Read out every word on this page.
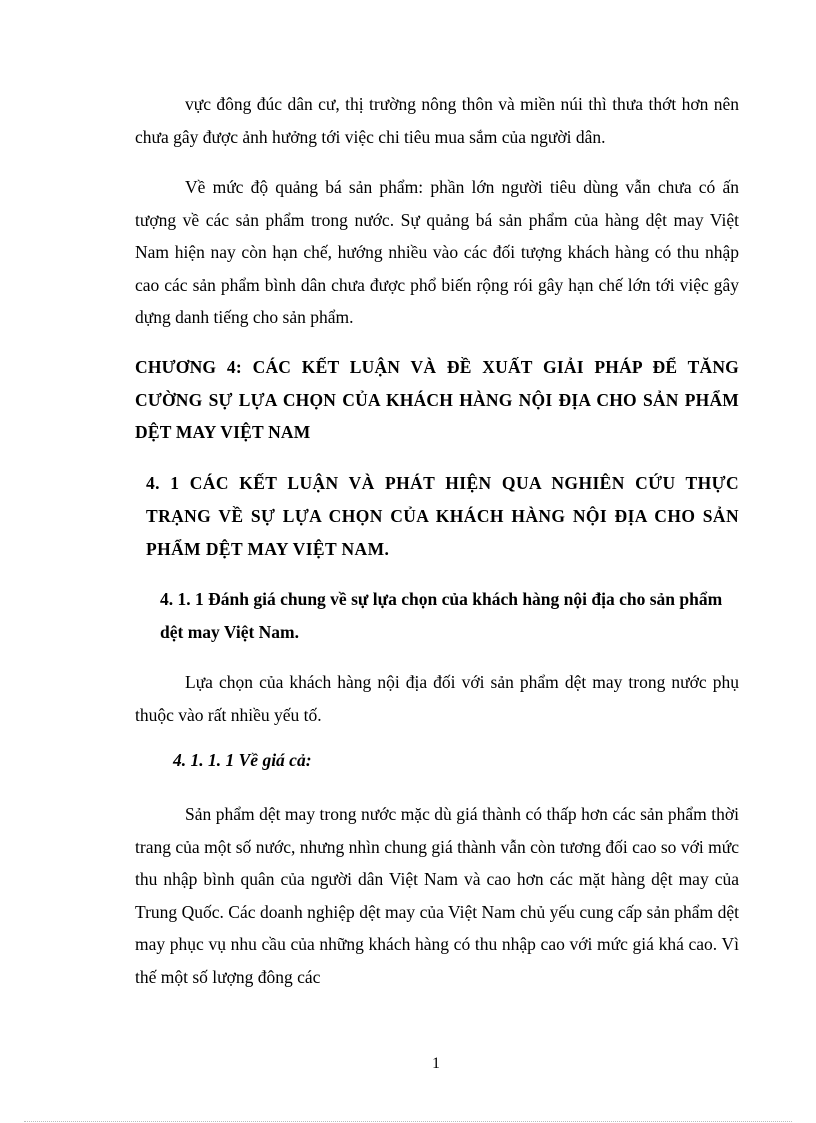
vực đông đúc dân cư, thị trường nông thôn và miền núi thì thưa thớt hơn nên chưa gây được ảnh hưởng tới việc chi tiêu mua sắm của người dân.

Về mức độ quảng bá sản phẩm: phần lớn người tiêu dùng vẫn chưa có ấn tượng về các sản phẩm trong nước. Sự quảng bá sản phẩm của hàng dệt may Việt Nam hiện nay còn hạn chế, hướng nhiều vào các đối tượng khách hàng có thu nhập cao các sản phẩm bình dân chưa được phổ biến rộng rói gây hạn chế lớn tới việc gây dựng danh tiếng cho sản phẩm.

CHƯƠNG 4: CÁC KẾT LUẬN VÀ ĐỀ XUẤT GIẢI PHÁP ĐỂ TĂNG CƯỜNG SỰ LỰA CHỌN CỦA KHÁCH HÀNG NỘI ĐỊA CHO SẢN PHẨM DỆT MAY VIỆT NAM
4. 1 CÁC KẾT LUẬN VÀ PHÁT HIỆN QUA NGHIÊN CỨU THỰC TRẠNG VỀ SỰ LỰA CHỌN CỦA KHÁCH HÀNG NỘI ĐỊA CHO SẢN PHẨM DỆT MAY VIỆT NAM.
4. 1. 1 Đánh giá chung về sự lựa chọn của khách hàng nội địa cho sản phẩm dệt may Việt Nam.

Lựa chọn của khách hàng nội địa đối với sản phẩm dệt may trong nước phụ thuộc vào rất nhiều yếu tố.

4. 1. 1. 1 Về giá cả:

Sản phẩm dệt may trong nước mặc dù giá thành có thấp hơn các sản phẩm thời trang của một số nước, nhưng nhìn chung giá thành vẫn còn tương đối cao so với mức thu nhập bình quân của người dân Việt Nam và cao hơn các mặt hàng dệt may của Trung Quốc. Các doanh nghiệp dệt may của Việt Nam chủ yếu cung cấp sản phẩm dệt may phục vụ nhu cầu của những khách hàng có thu nhập cao với mức giá khá cao. Vì thế một số lượng đông các

1
